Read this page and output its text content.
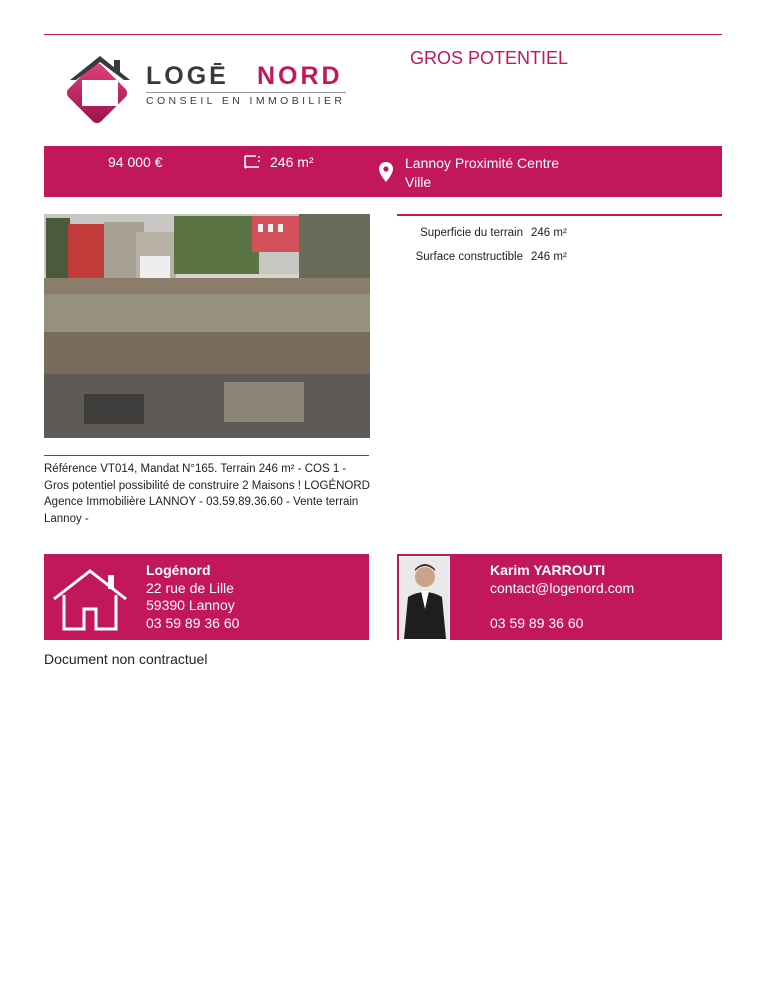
LOGĒ NORD
CONSEIL EN IMMOBILIER
GROS POTENTIEL
94 000 €	246 m²	Lannoy Proximité Centre Ville
Superficie du terrain	246 m²
Surface constructible	246 m²
Référence VT014, Mandat N°165. Terrain 246 m² - COS 1 - Gros potentiel possibilité de construire 2 Maisons ! LOGÉNORD Agence Immobilière LANNOY - 03.59.89.36.60 - Vente terrain Lannoy -
Logénord
22 rue de Lille
59390 Lannoy
03 59 89 36 60
Karim YARROUTI
contact@logenord.com

03 59 89 36 60
Document non contractuel
